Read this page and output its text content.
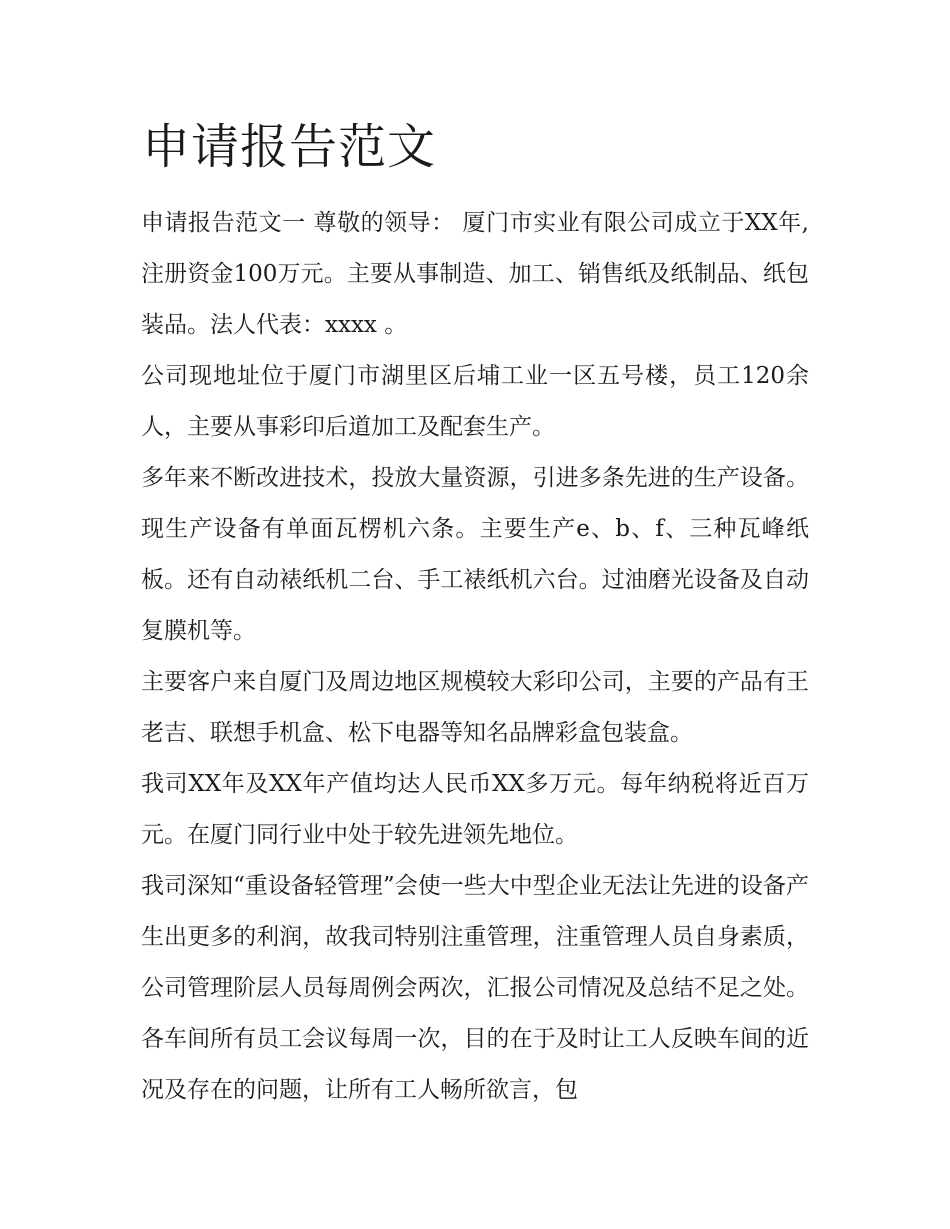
申请报告范文

申请报告范文一 尊敬的领导： 厦门市实业有限公司成立于XX年,注册资金100万元。主要从事制造、加工、销售纸及纸制品、纸包装品。法人代表：xxxx 。

公司现地址位于厦门市湖里区后埔工业一区五号楼，员工120余人，主要从事彩印后道加工及配套生产。

多年来不断改进技术，投放大量资源，引进多条先进的生产设备。现生产设备有单面瓦楞机六条。主要生产e、b、f、三种瓦峰纸板。还有自动裱纸机二台、手工裱纸机六台。过油磨光设备及自动复膜机等。

主要客户来自厦门及周边地区规模较大彩印公司，主要的产品有王老吉、联想手机盒、松下电器等知名品牌彩盒包装盒。

我司XX年及XX年产值均达人民币XX多万元。每年纳税将近百万元。在厦门同行业中处于较先进领先地位。

我司深知“重设备轻管理”会使一些大中型企业无法让先进的设备产生出更多的利润，故我司特别注重管理，注重管理人员自身素质，公司管理阶层人员每周例会两次，汇报公司情况及总结不足之处。各车间所有员工会议每周一次，目的在于及时让工人反映车间的近况及存在的问题，让所有工人畅所欲言，包
